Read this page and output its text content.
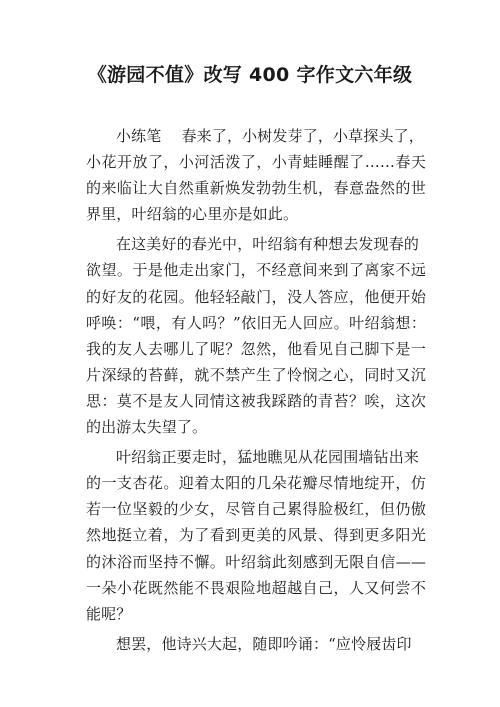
《游园不值》改写 400 字作文六年级
小练笔　 春来了，小树发芽了，小草探头了，
小花开放了，小河活泼了，小青蛙睡醒了……春天
的来临让大自然重新焕发勃勃生机，春意盎然的世
界里，叶绍翁的心里亦是如此。
在这美好的春光中，叶绍翁有种想去发现春的
欲望。于是他走出家门，不经意间来到了离家不远
的好友的花园。他轻轻敲门，没人答应，他便开始
呼唤：“喂，有人吗？”依旧无人回应。叶绍翁想：
我的友人去哪儿了呢？忽然，他看见自己脚下是一
片深绿的苔藓，就不禁产生了怜悯之心，同时又沉
思：莫不是友人同情这被我踩踏的青苔？唉，这次
的出游太失望了。
叶绍翁正要走时，猛地瞧见从花园围墙钻出来
的一支杏花。迎着太阳的几朵花瓣尽情地绽开，仿
若一位坚毅的少女，尽管自己累得脸极红，但仍傲
然地挺立着，为了看到更美的风景、得到更多阳光
的沐浴而坚持不懈。叶绍翁此刻感到无限自信——
一朵小花既然能不畏艰险地超越自己，人又何尝不
能呢？
想罢，他诗兴大起，随即吟诵：“应怜屐齿印
